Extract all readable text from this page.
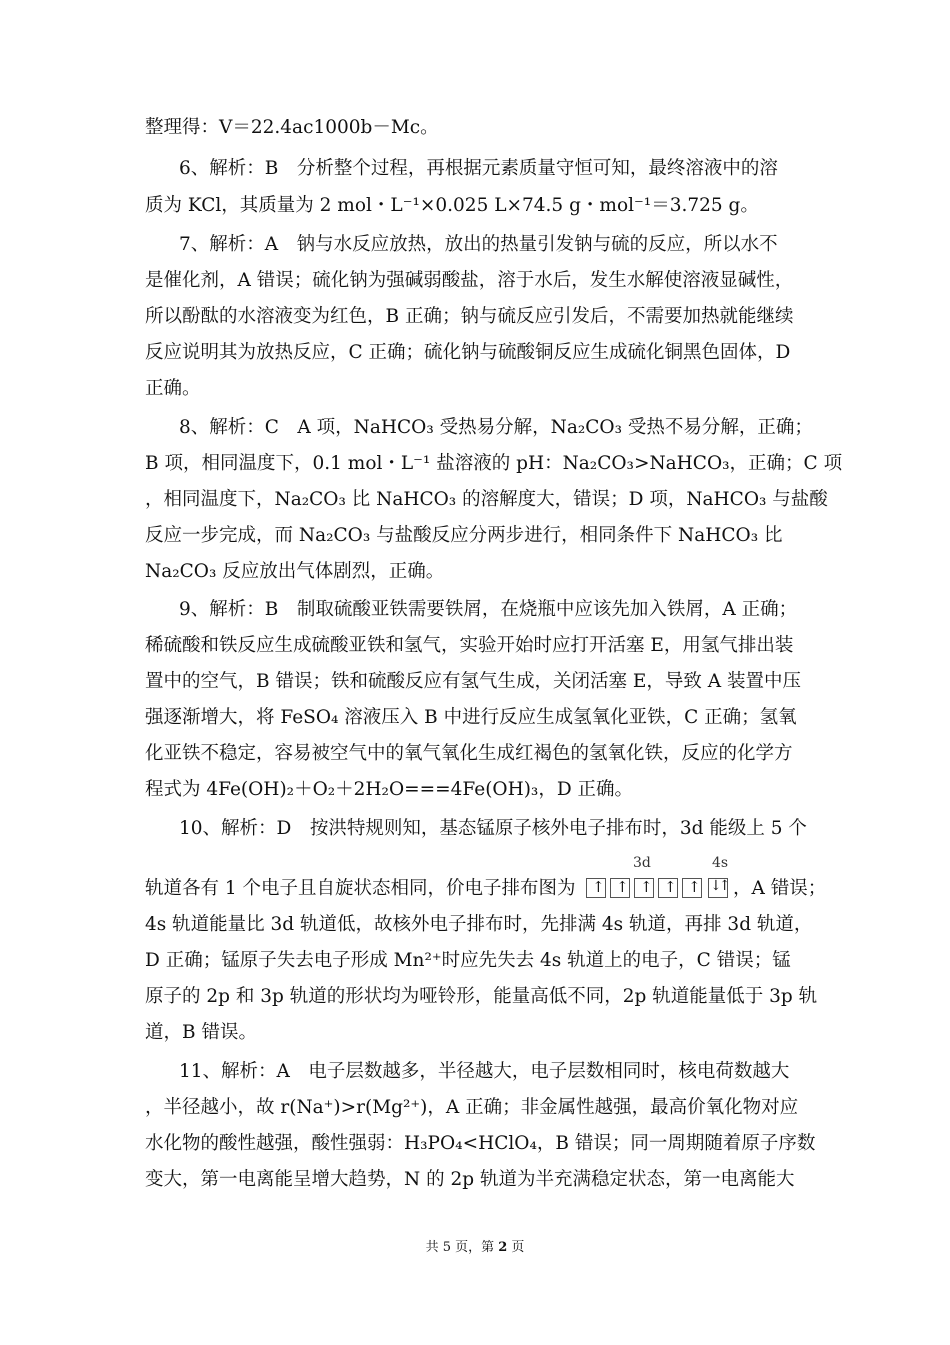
整理得：V＝22.4ac1000b－Mc。
6、解析：B　分析整个过程，再根据元素质量守恒可知，最终溶液中的溶
质为 KCl，其质量为 2 mol・L⁻¹×0.025 L×74.5 g・mol⁻¹＝3.725 g。
7、解析：A　钠与水反应放热，放出的热量引发钠与硫的反应，所以水不
是催化剂，A 错误；硫化钠为强碱弱酸盐，溶于水后，发生水解使溶液显碱性，
所以酚酞的水溶液变为红色，B 正确；钠与硫反应引发后，不需要加热就能继续
反应说明其为放热反应，C 正确；硫化钠与硫酸铜反应生成硫化铜黑色固体，D
正确。
8、解析：C　A 项，NaHCO₃ 受热易分解，Na₂CO₃ 受热不易分解，正确；
B 项，相同温度下，0.1 mol・L⁻¹ 盐溶液的 pH：Na₂CO₃>NaHCO₃，正确；C 项
，相同温度下，Na₂CO₃ 比 NaHCO₃ 的溶解度大，错误；D 项，NaHCO₃ 与盐酸
反应一步完成，而 Na₂CO₃ 与盐酸反应分两步进行，相同条件下 NaHCO₃ 比
Na₂CO₃ 反应放出气体剧烈，正确。
9、解析：B　制取硫酸亚铁需要铁屑，在烧瓶中应该先加入铁屑，A 正确；
稀硫酸和铁反应生成硫酸亚铁和氢气，实验开始时应打开活塞 E，用氢气排出装
置中的空气，B 错误；铁和硫酸反应有氢气生成，关闭活塞 E，导致 A 装置中压
强逐渐增大，将 FeSO₄ 溶液压入 B 中进行反应生成氢氧化亚铁，C 正确；氢氧
化亚铁不稳定，容易被空气中的氧气氧化生成红褐色的氢氧化铁，反应的化学方
程式为 4Fe(OH)₂＋O₂＋2H₂O===4Fe(OH)₃，D 正确。
10、解析：D　按洪特规则知，基态锰原子核外电子排布时，3d 能级上 5 个
轨道各有 1 个电子且自旋状态相同，价电子排布图为
3d	4s
↑ ↑ ↑ ↑ ↑ ↓↑ ，A 错误；
4s 轨道能量比 3d 轨道低，故核外电子排布时，先排满 4s 轨道，再排 3d 轨道，
D 正确；锰原子失去电子形成 Mn²⁺时应先失去 4s 轨道上的电子，C 错误；锰
原子的 2p 和 3p 轨道的形状均为哑铃形，能量高低不同，2p 轨道能量低于 3p 轨
道，B 错误。
11、解析：A　电子层数越多，半径越大，电子层数相同时，核电荷数越大
，半径越小，故 r(Na⁺)>r(Mg²⁺)，A 正确；非金属性越强，最高价氧化物对应
水化物的酸性越强，酸性强弱：H₃PO₄<HClO₄，B 错误；同一周期随着原子序数
变大，第一电离能呈增大趋势，N 的 2p 轨道为半充满稳定状态，第一电离能大
共 5 页，第 2 页
